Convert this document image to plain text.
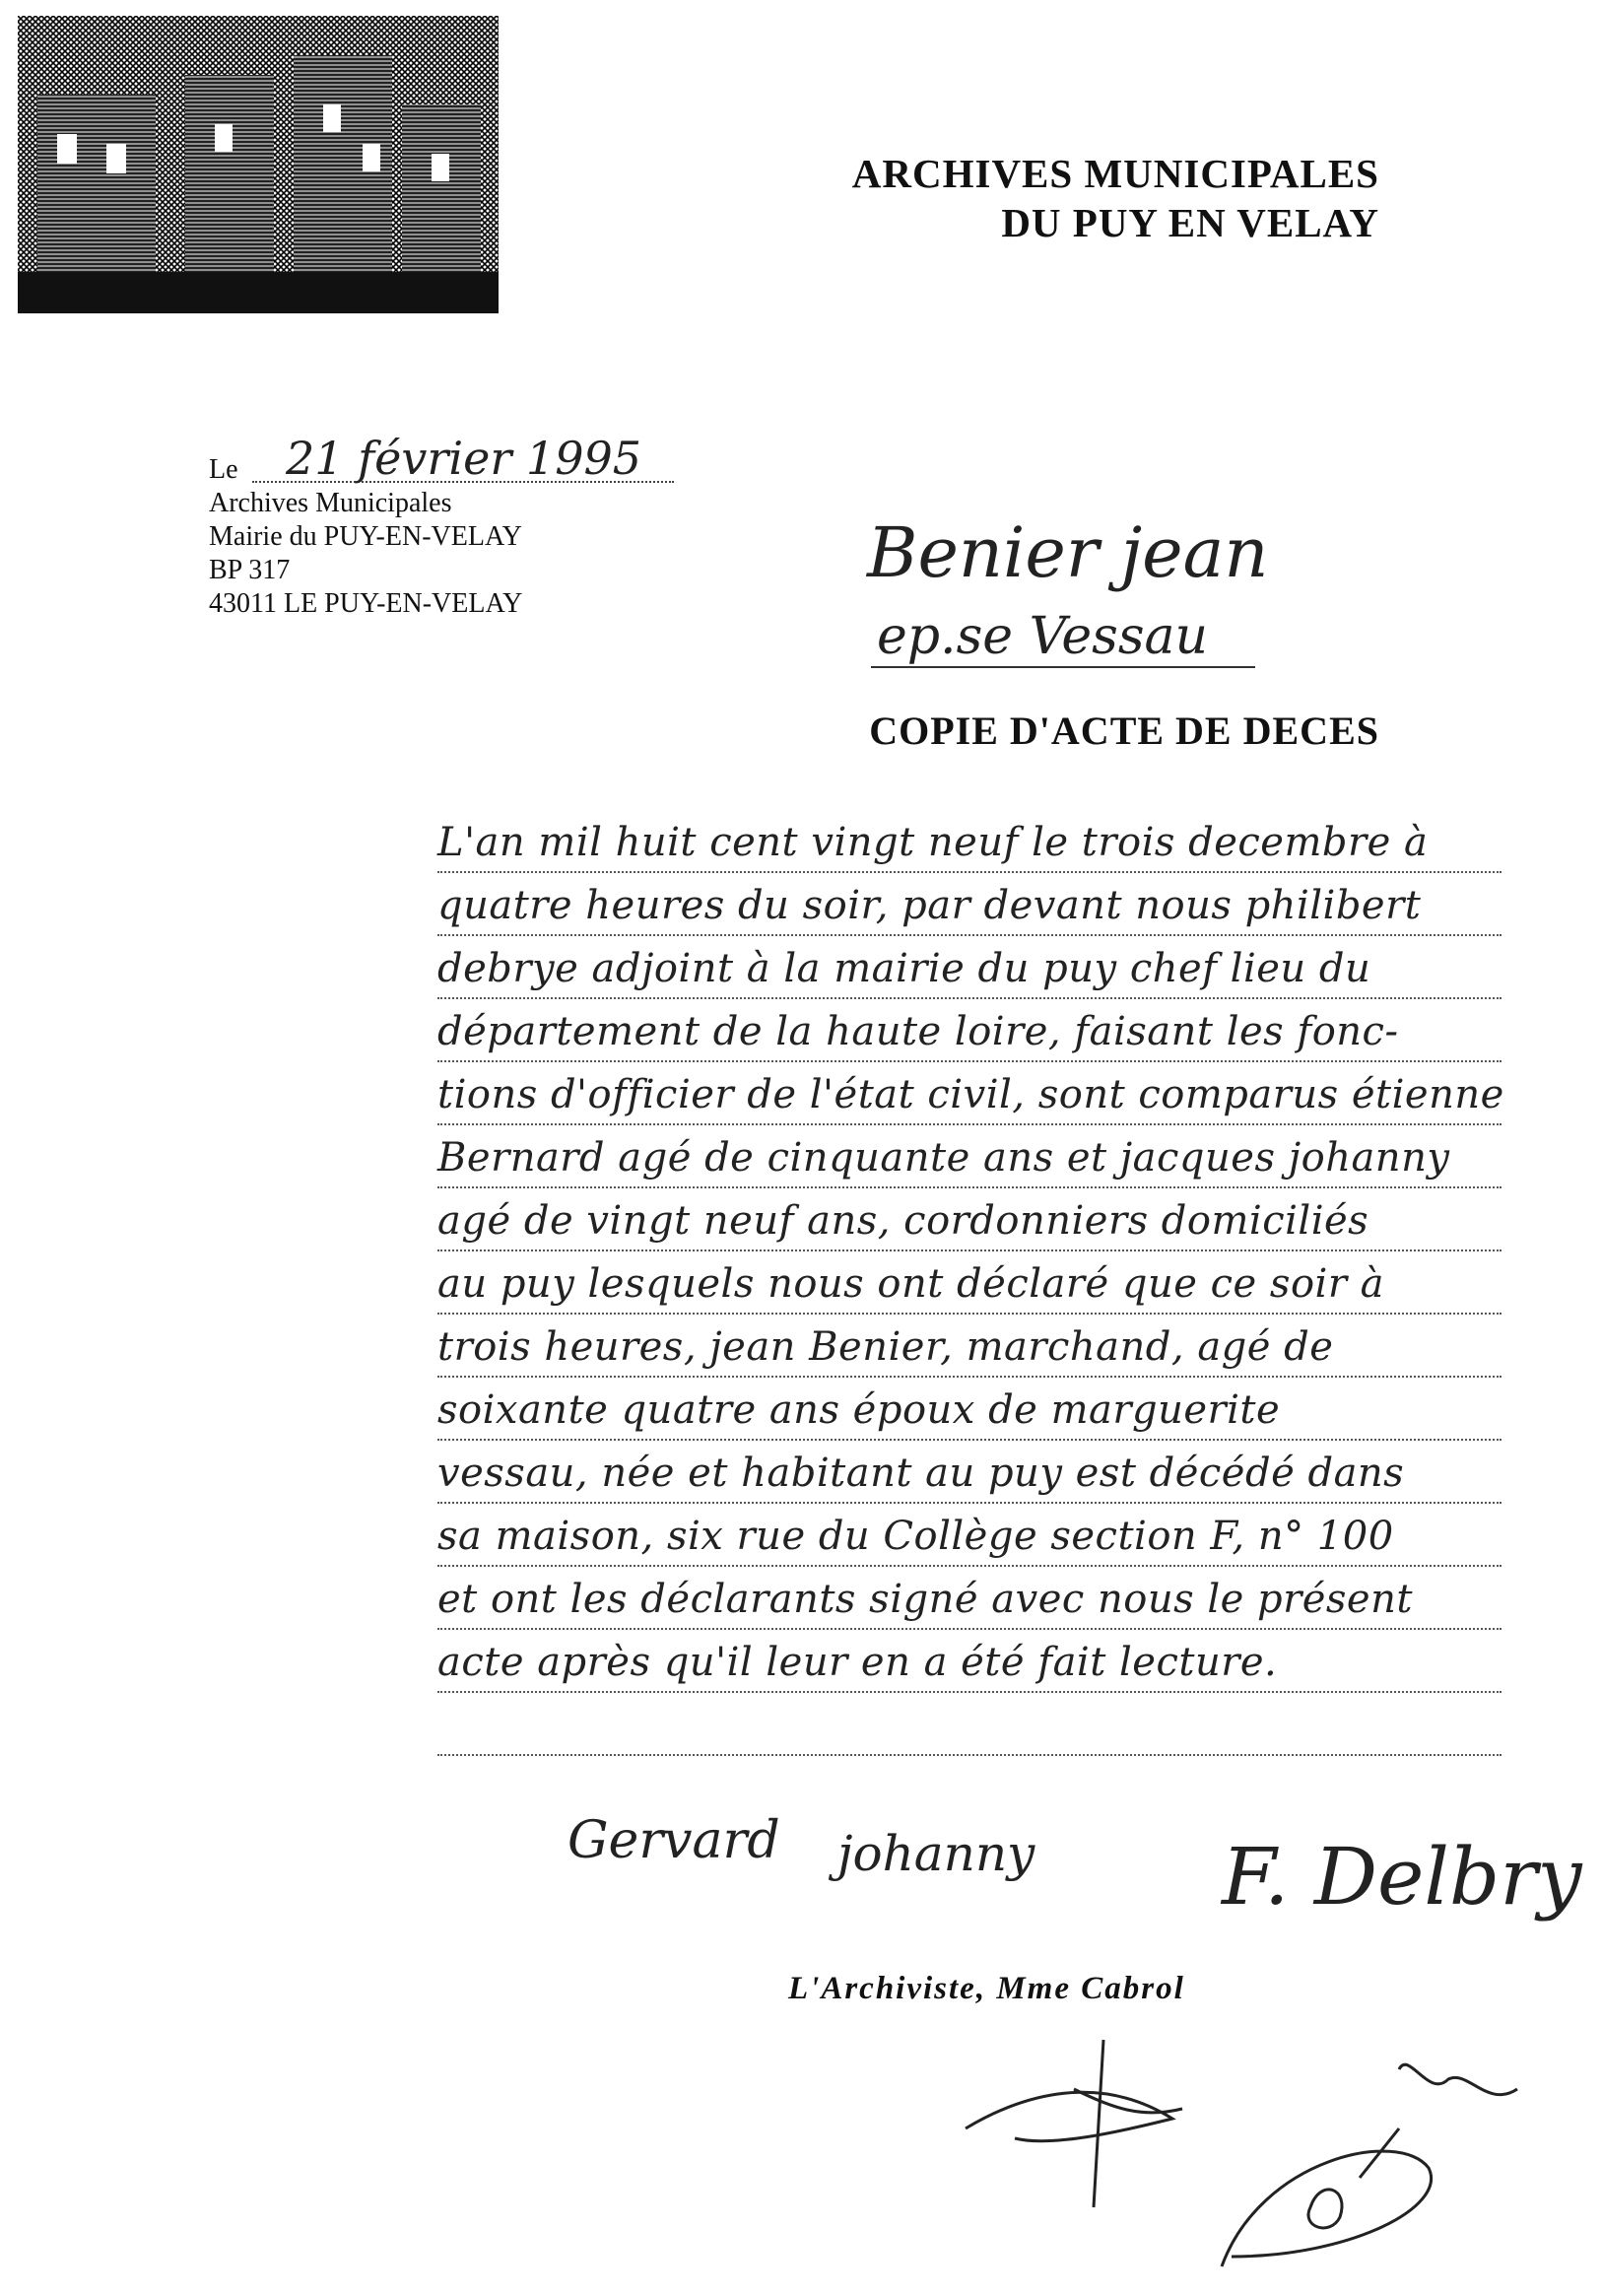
ARCHIVES MUNICIPALES
DU PUY EN VELAY
Le 21 février 1995
Archives Municipales
Mairie du PUY-EN-VELAY
BP 317
43011 LE PUY-EN-VELAY
Benier jean
ep.se Vessau
COPIE D'ACTE DE DECES
L'an mil huit cent vingt neuf le trois decembre à
quatre heures du soir, par devant nous philibert
debrye adjoint à la mairie du puy chef lieu du
département de la haute loire, faisant les fonc-
tions d'officier de l'état civil, sont comparus étienne
Bernard agé de cinquante ans et jacques johanny
agé de vingt neuf ans, cordonniers domiciliés
au puy lesquels nous ont déclaré que ce soir à
trois heures, jean Benier, marchand, agé de
soixante quatre ans époux de marguerite
vessau, née et habitant au puy est décédé dans
sa maison, six rue du Collège section F, n° 100
et ont les déclarants signé avec nous le présent
acte après qu'il leur en a été fait lecture.
Gervard johanny F. Delbry
L'Archiviste, Mme Cabrol
